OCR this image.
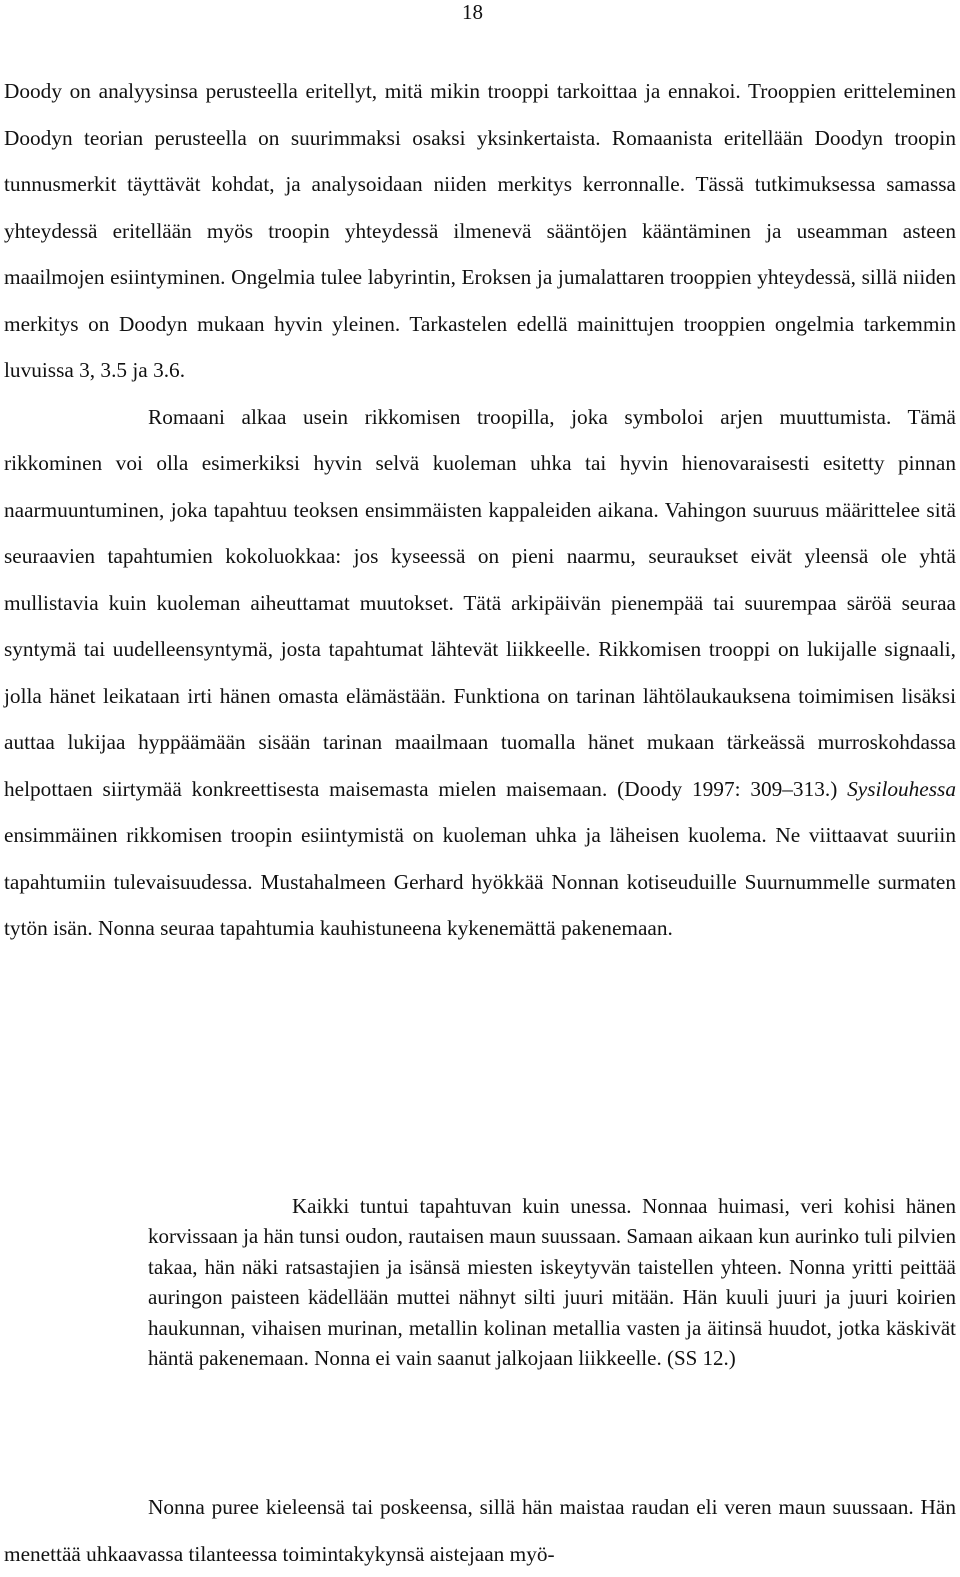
18

Doody on analyysinsa perusteella eritellyt, mitä mikin trooppi tarkoittaa ja ennakoi. Trooppien eritteleminen Doodyn teorian perusteella on suurimmaksi osaksi yksinkertaista. Romaanista eritellään Doodyn troopin tunnusmerkit täyttävät kohdat, ja analysoidaan niiden merkitys kerronnalle. Tässä tutkimuksessa samassa yhteydessä eritellään myös troopin yhteydessä ilmenevä sääntöjen kääntäminen ja useamman asteen maailmojen esiintyminen. Ongelmia tulee labyrintin, Eroksen ja jumalattaren trooppien yhteydessä, sillä niiden merkitys on Doodyn mukaan hyvin yleinen. Tarkastelen edellä mainittujen trooppien ongelmia tarkemmin luvuissa 3, 3.5 ja 3.6.

Romaani alkaa usein rikkomisen troopilla, joka symboloi arjen muuttumista. Tämä rikkominen voi olla esimerkiksi hyvin selvä kuoleman uhka tai hyvin hienovaraisesti esitetty pinnan naarmuuntuminen, joka tapahtuu teoksen ensimmäisten kappaleiden aikana. Vahingon suuruus määrittelee sitä seuraavien tapahtumien kokoluokkaa: jos kyseessä on pieni naarmu, seuraukset eivät yleensä ole yhtä mullistavia kuin kuoleman aiheuttamat muutokset. Tätä arkipäivän pienempää tai suurempaa säröä seuraa syntymä tai uudelleensyntymä, josta tapahtumat lähtevät liikkeelle. Rikkomisen trooppi on lukijalle signaali, jolla hänet leikataan irti hänen omasta elämästään. Funktiona on tarinan lähtölaukauksena toimimisen lisäksi auttaa lukijaa hyppäämään sisään tarinan maailmaan tuomalla hänet mukaan tärkeässä murroskohdassa helpottaen siirtymää konkreettisesta maisemasta mielen maisemaan. (Doody 1997: 309–313.) Sysilouhessa ensimmäinen rikkomisen troopin esiintymistä on kuoleman uhka ja läheisen kuolema. Ne viittaavat suuriin tapahtumiin tulevaisuudessa. Mustahalmeen Gerhard hyökkää Nonnan kotiseuduille Suurnummelle surmaten tytön isän. Nonna seuraa tapahtumia kauhistuneena kykenemättä pakenemaan.

Kaikki tuntui tapahtuvan kuin unessa. Nonnaa huimasi, veri kohisi hänen korvissaan ja hän tunsi oudon, rautaisen maun suussaan. Samaan aikaan kun aurinko tuli pilvien takaa, hän näki ratsastajien ja isänsä miesten iskeytyvän taistellen yhteen. Nonna yritti peittää auringon paisteen kädellään muttei nähnyt silti juuri mitään. Hän kuuli juuri ja juuri koirien haukunnan, vihaisen murinan, metallin kolinan metallia vasten ja äitinsä huudot, jotka käskivät häntä pakenemaan. Nonna ei vain saanut jalkojaan liikkeelle. (SS 12.)

Nonna puree kieleensä tai poskeensa, sillä hän maistaa raudan eli veren maun suussaan. Hän menettää uhkaavassa tilanteessa toimintakykynsä aistejaan myö-
